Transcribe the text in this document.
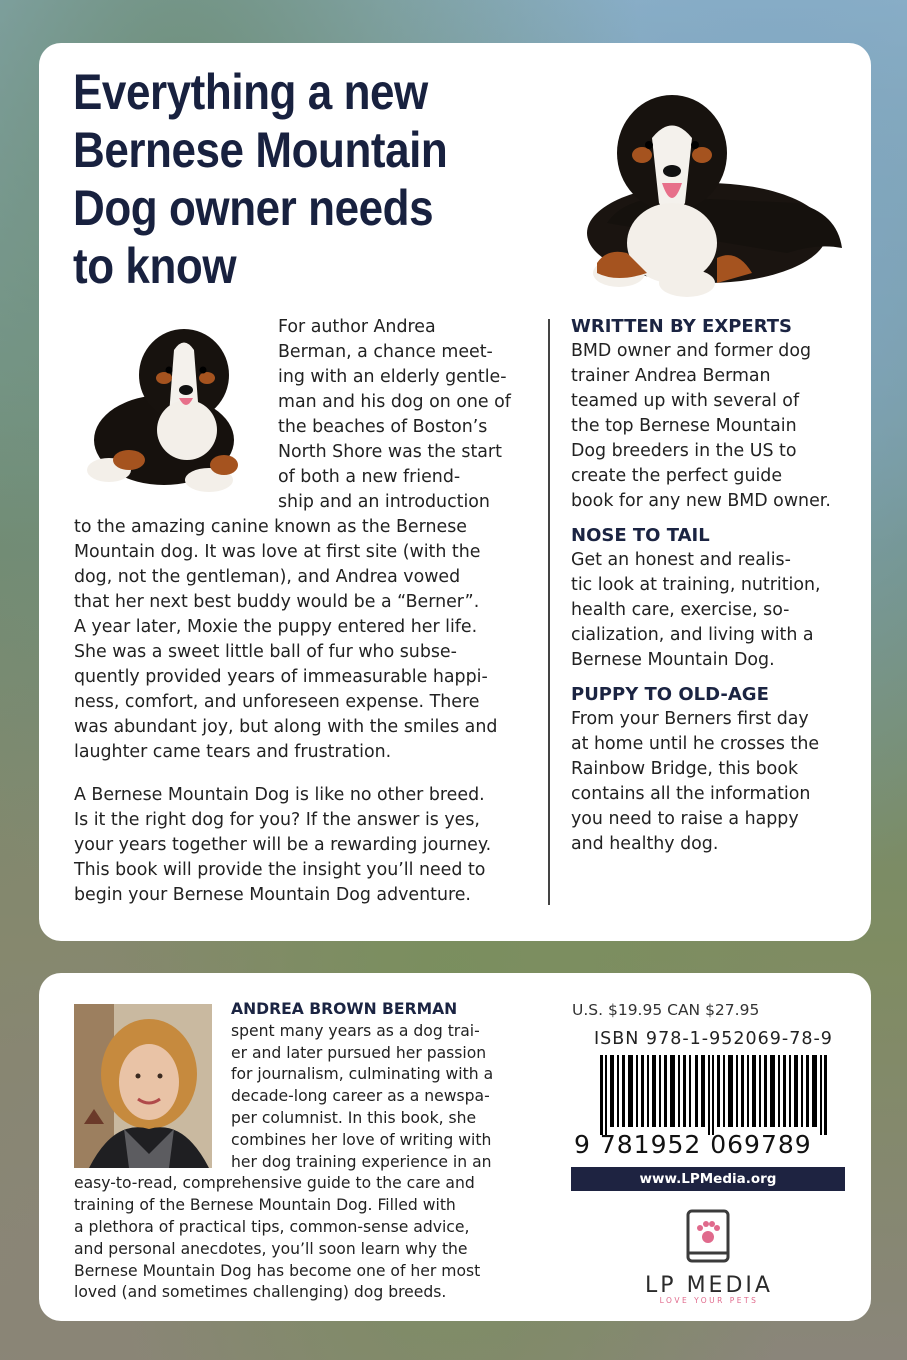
Everything a new
Bernese Mountain
Dog owner needs
to know
For author Andrea
Berman, a chance meet-
ing with an elderly gentle-
man and his dog on one of
the beaches of Boston’s
North Shore was the start
of both a new friend-
ship and an introduction
to the amazing canine known as the Bernese
Mountain dog. It was love at first site (with the
dog, not the gentleman), and Andrea vowed
that her next best buddy would be a “Berner”.
A year later, Moxie the puppy entered her life.
She was a sweet little ball of fur who subse-
quently provided years of immeasurable happi-
ness, comfort, and unforeseen expense. There
was abundant joy, but along with the smiles and
laughter came tears and frustration.
A Bernese Mountain Dog is like no other breed.
Is it the right dog for you? If the answer is yes,
your years together will be a rewarding journey.
This book will provide the insight you’ll need to
begin your Bernese Mountain Dog adventure.

WRITTEN BY EXPERTS

BMD owner and former dog
trainer Andrea Berman
teamed up with several of
the top Bernese Mountain
Dog breeders in the US to
create the perfect guide
book for any new BMD owner.

NOSE TO TAIL

Get an honest and realis-
tic look at training, nutrition,
health care, exercise, so-
cialization, and living with a
Bernese Mountain Dog.

PUPPY TO OLD-AGE

From your Berners first day
at home until he crosses the
Rainbow Bridge, this book
contains all the information
you need to raise a happy
and healthy dog.
ANDREA BROWN BERMAN
spent many years as a dog trai-
er and later pursued her passion
for journalism, culminating with a
decade-long career as a newspa-
per columnist. In this book, she
combines her love of writing with
her dog training experience in an
easy-to-read, comprehensive guide to the care and
training of the Bernese Mountain Dog. Filled with
a plethora of practical tips, common-sense advice,
and personal anecdotes, you’ll soon learn why the
Bernese Mountain Dog has become one of her most
loved (and sometimes challenging) dog breeds.
U.S. $19.95 CAN $27.95
ISBN 978-1-952069-78-9
9 781952 069789
www.LPMedia.org
LP MEDIA
LOVE YOUR PETS
